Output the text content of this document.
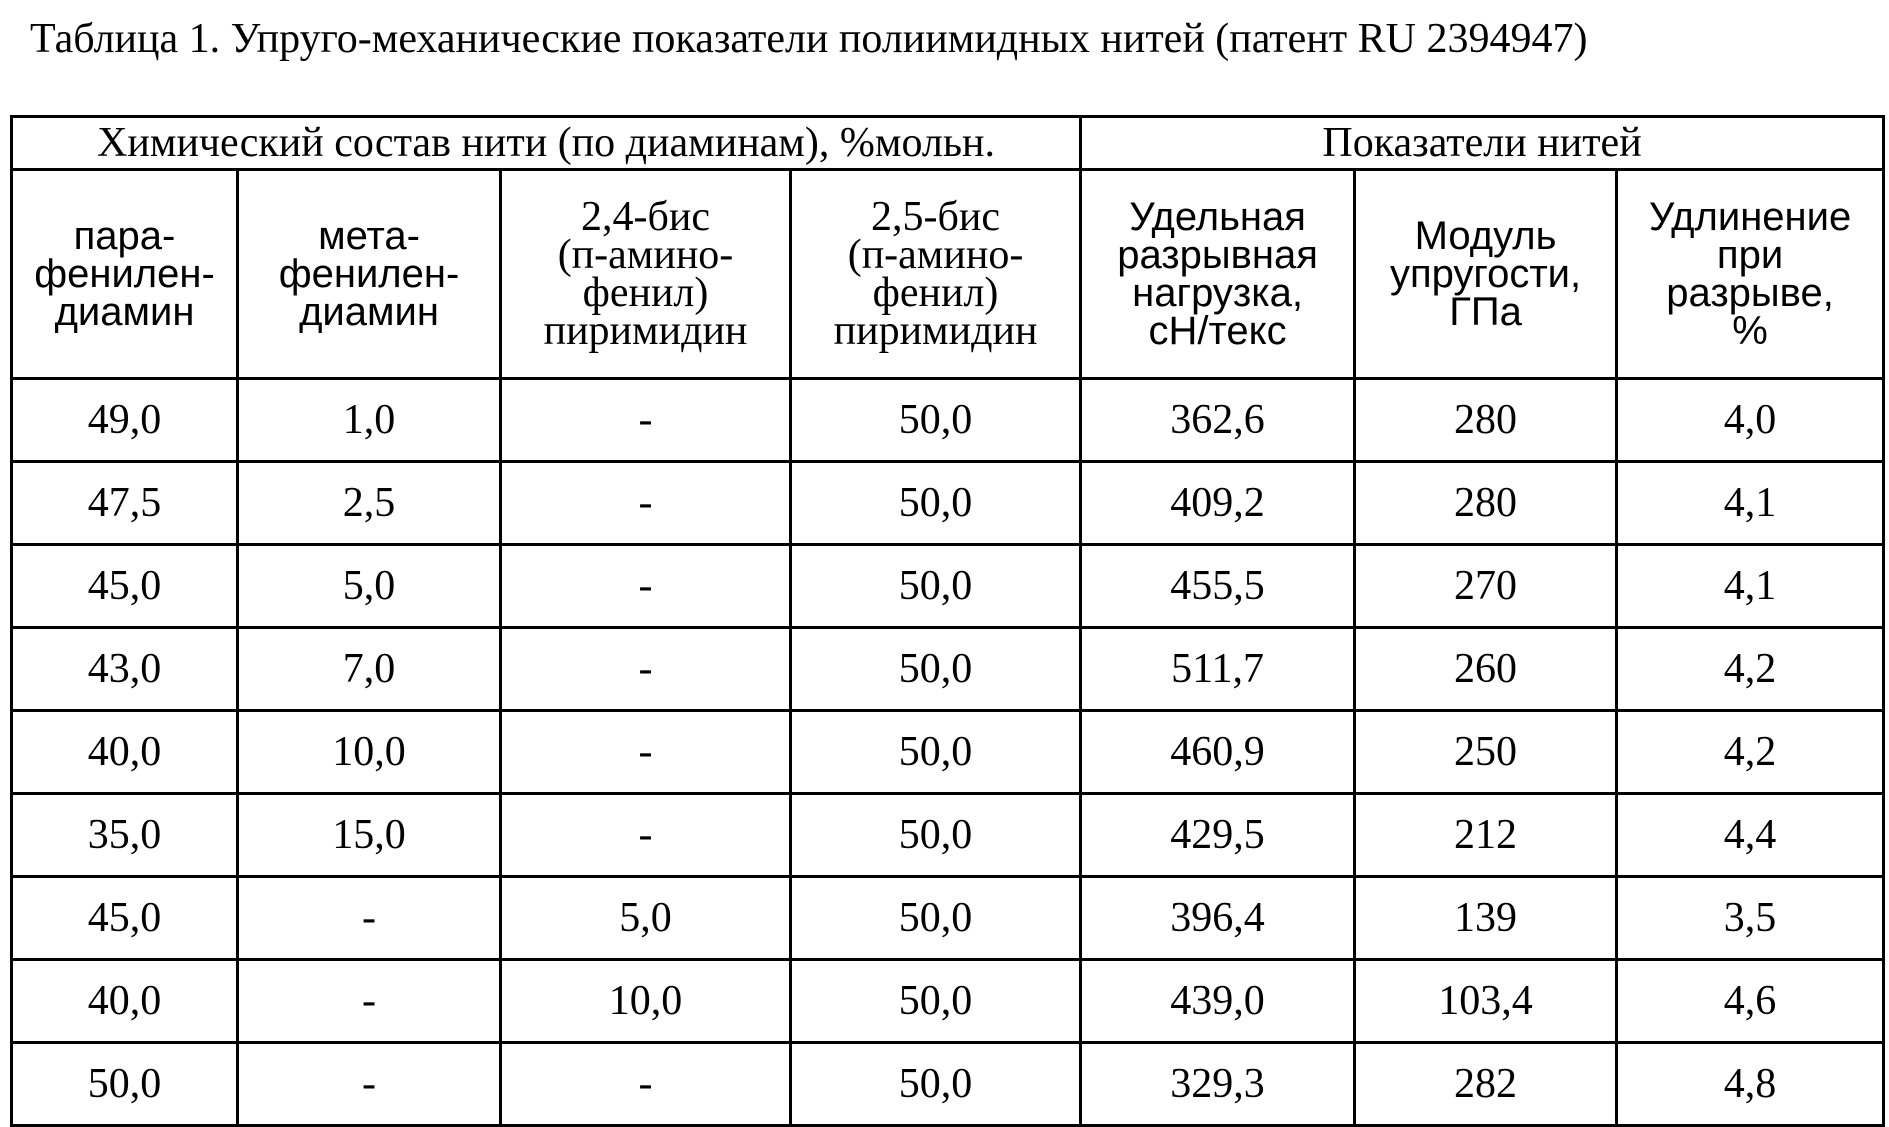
Таблица 1. Упруго-механические показатели полиимидных нитей (патент RU 2394947)
Химический состав нити (по диаминам), %мольн.				Показатели нитей		

пара-
фенилен-
диамин	мета-
фенилен-
диамин	2,4-бис
(п-амино-
фенил)
пиримидин	2,5-бис
(п-амино-
фенил)
пиримидин	Удельная
разрывная
нагрузка,
сН/текс	Модуль
упругости,
ГПа	Удлинение
при
разрыве,
%

49,0	1,0	-	50,0	362,6	280	4,0
47,5	2,5	-	50,0	409,2	280	4,1
45,0	5,0	-	50,0	455,5	270	4,1
43,0	7,0	-	50,0	511,7	260	4,2
40,0	10,0	-	50,0	460,9	250	4,2
35,0	15,0	-	50,0	429,5	212	4,4
45,0	-	5,0	50,0	396,4	139	3,5
40,0	-	10,0	50,0	439,0	103,4	4,6
50,0	-	-	50,0	329,3	282	4,8
